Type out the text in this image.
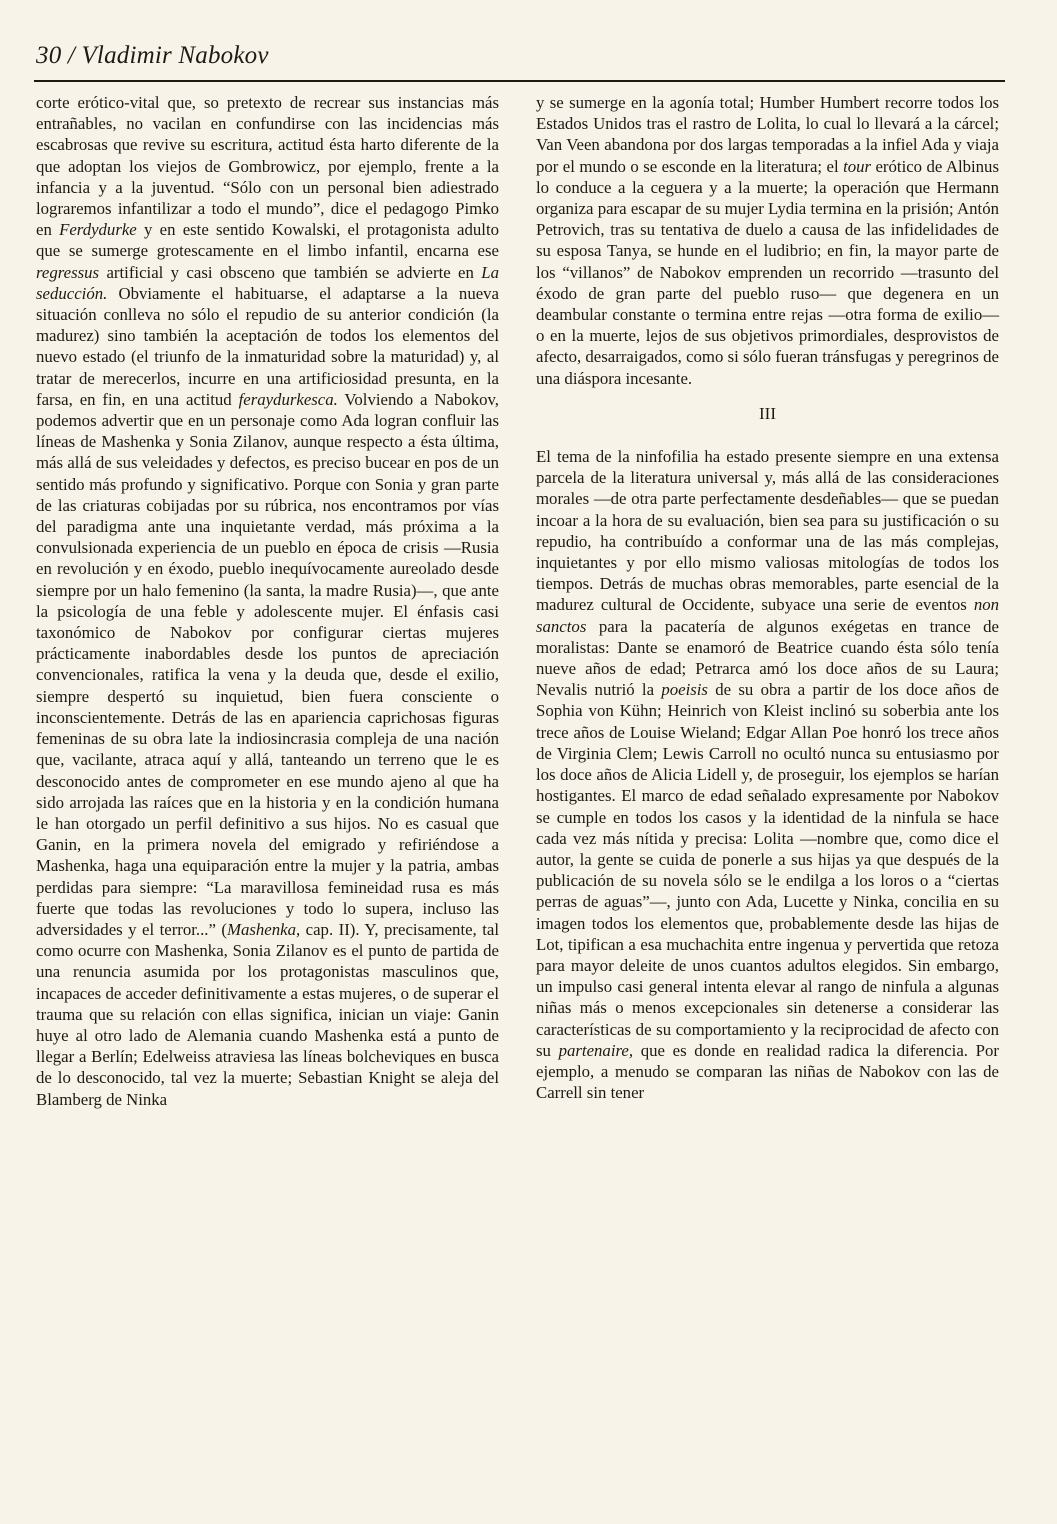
30 / Vladimir Nabokov

corte erótico-vital que, so pretexto de recrear sus instancias más entrañables, no vacilan en confundirse con las incidencias más escabrosas que revive su escritura, actitud ésta harto diferente de la que adoptan los viejos de Gombrowicz, por ejemplo, frente a la infancia y a la juventud. “Sólo con un personal bien adiestrado lograremos infantilizar a todo el mundo”, dice el pedagogo Pimko en Ferdydurke y en este sentido Kowalski, el protagonista adulto que se sumerge grotescamente en el limbo infantil, encarna ese regressus artificial y casi obsceno que también se advierte en La seducción. Obviamente el habituarse, el adaptarse a la nueva situación conlleva no sólo el repudio de su anterior condición (la madurez) sino también la aceptación de todos los elementos del nuevo estado (el triunfo de la inmaturidad sobre la maturidad) y, al tratar de merecerlos, incurre en una artificiosidad presunta, en la farsa, en fin, en una actitud feraydurkesca. Volviendo a Nabokov, podemos advertir que en un personaje como Ada logran confluir las líneas de Mashenka y Sonia Zilanov, aunque respecto a ésta última, más allá de sus veleidades y defectos, es preciso bucear en pos de un sentido más profundo y significativo. Porque con Sonia y gran parte de las criaturas cobijadas por su rúbrica, nos encontramos por vías del paradigma ante una inquietante verdad, más próxima a la convulsionada experiencia de un pueblo en época de crisis —Rusia en revolución y en éxodo, pueblo inequívocamente aureolado desde siempre por un halo femenino (la santa, la madre Rusia)—, que ante la psicología de una feble y adolescente mujer. El énfasis casi taxonómico de Nabokov por configurar ciertas mujeres prácticamente inabordables desde los puntos de apreciación convencionales, ratifica la vena y la deuda que, desde el exilio, siempre despertó su inquietud, bien fuera consciente o inconscientemente. Detrás de las en apariencia caprichosas figuras femeninas de su obra late la indiosincrasia compleja de una nación que, vacilante, atraca aquí y allá, tanteando un terreno que le es desconocido antes de comprometer en ese mundo ajeno al que ha sido arrojada las raíces que en la historia y en la condición humana le han otorgado un perfil definitivo a sus hijos. No es casual que Ganin, en la primera novela del emigrado y refiriéndose a Mashenka, haga una equiparación entre la mujer y la patria, ambas perdidas para siempre: “La maravillosa femineidad rusa es más fuerte que todas las revoluciones y todo lo supera, incluso las adversidades y el terror...” (Mashenka, cap. II). Y, precisamente, tal como ocurre con Mashenka, Sonia Zilanov es el punto de partida de una renuncia asumida por los protagonistas masculinos que, incapaces de acceder definitivamente a estas mujeres, o de superar el trauma que su relación con ellas significa, inician un viaje: Ganin huye al otro lado de Alemania cuando Mashenka está a punto de llegar a Berlín; Edelweiss atraviesa las líneas bolcheviques en busca de lo desconocido, tal vez la muerte; Sebastian Knight se aleja del Blamberg de Ninka

y se sumerge en la agonía total; Humber Humbert recorre todos los Estados Unidos tras el rastro de Lolita, lo cual lo llevará a la cárcel; Van Veen abandona por dos largas temporadas a la infiel Ada y viaja por el mundo o se esconde en la literatura; el tour erótico de Albinus lo conduce a la ceguera y a la muerte; la operación que Hermann organiza para escapar de su mujer Lydia termina en la prisión; Antón Petrovich, tras su tentativa de duelo a causa de las infidelidades de su esposa Tanya, se hunde en el ludibrio; en fin, la mayor parte de los “villanos” de Nabokov emprenden un recorrido —trasunto del éxodo de gran parte del pueblo ruso— que degenera en un deambular constante o termina entre rejas —otra forma de exilio— o en la muerte, lejos de sus objetivos primordiales, desprovistos de afecto, desarraigados, como si sólo fueran tránsfugas y peregrinos de una diáspora incesante.

III

El tema de la ninfofilia ha estado presente siempre en una extensa parcela de la literatura universal y, más allá de las consideraciones morales —de otra parte perfectamente desdeñables— que se puedan incoar a la hora de su evaluación, bien sea para su justificación o su repudio, ha contribuído a conformar una de las más complejas, inquietantes y por ello mismo valiosas mitologías de todos los tiempos. Detrás de muchas obras memorables, parte esencial de la madurez cultural de Occidente, subyace una serie de eventos non sanctos para la pacatería de algunos exégetas en trance de moralistas: Dante se enamoró de Beatrice cuando ésta sólo tenía nueve años de edad; Petrarca amó los doce años de su Laura; Nevalis nutrió la poeisis de su obra a partir de los doce años de Sophia von Kühn; Heinrich von Kleist inclinó su soberbia ante los trece años de Louise Wieland; Edgar Allan Poe honró los trece años de Virginia Clem; Lewis Carroll no ocultó nunca su entusiasmo por los doce años de Alicia Lidell y, de proseguir, los ejemplos se harían hostigantes. El marco de edad señalado expresamente por Nabokov se cumple en todos los casos y la identidad de la ninfula se hace cada vez más nítida y precisa: Lolita —nombre que, como dice el autor, la gente se cuida de ponerle a sus hijas ya que después de la publicación de su novela sólo se le endilga a los loros o a “ciertas perras de aguas”—, junto con Ada, Lucette y Ninka, concilia en su imagen todos los elementos que, probablemente desde las hijas de Lot, tipifican a esa muchachita entre ingenua y pervertida que retoza para mayor deleite de unos cuantos adultos elegidos. Sin embargo, un impulso casi general intenta elevar al rango de ninfula a algunas niñas más o menos excepcionales sin detenerse a considerar las características de su comportamiento y la reciprocidad de afecto con su partenaire, que es donde en realidad radica la diferencia. Por ejemplo, a menudo se comparan las niñas de Nabokov con las de Carrell sin tener
